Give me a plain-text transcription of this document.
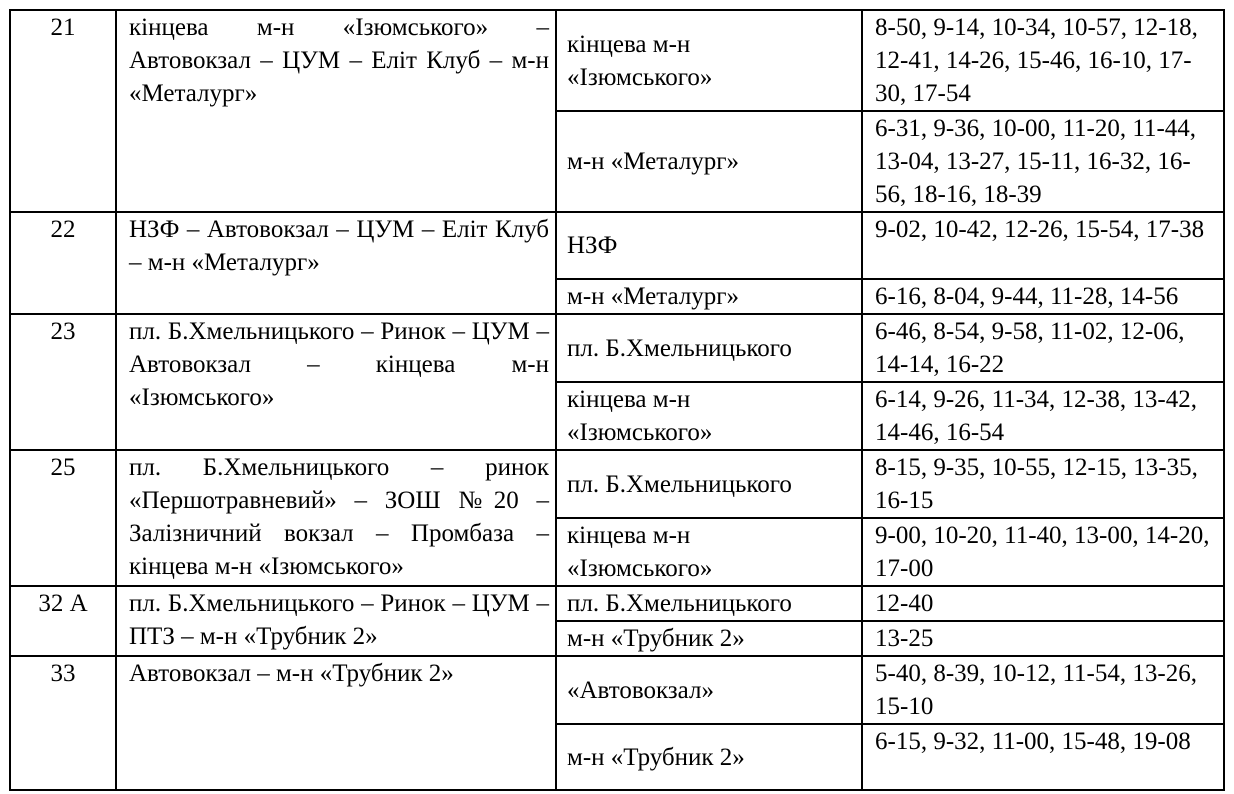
21	кінцева м-н «Ізюмського» – Автовокзал – ЦУМ – Еліт Клуб – м-н «Металург»	кінцева м-н «Ізюмського»	8-50, 9-14, 10-34, 10-57, 12-18, 12-41, 14-26, 15-46, 16-10, 17-30, 17-54
		м-н «Металург»	6-31, 9-36, 10-00, 11-20, 11-44, 13-04, 13-27, 15-11, 16-32, 16-56, 18-16, 18-39
22	НЗФ – Автовокзал – ЦУМ – Еліт Клуб – м-н «Металург»	НЗФ	9-02, 10-42, 12-26, 15-54, 17-38
		м-н «Металург»	6-16, 8-04, 9-44, 11-28, 14-56
23	пл. Б.Хмельницького – Ринок – ЦУМ – Автовокзал – кінцева м-н «Ізюмського»	пл. Б.Хмельницького	6-46, 8-54, 9-58, 11-02, 12-06, 14-14, 16-22

		кінцева м-н «Ізюмського»	6-14, 9-26, 11-34, 12-38, 13-42, 14-46, 16-54
25	пл. Б.Хмельницького – ринок «Першотравневий» – ЗОШ №20 – Залізничний вокзал – Промбаза – кінцева м-н «Ізюмського»	пл. Б.Хмельницького	8-15, 9-35, 10-55, 12-15, 13-35, 16-15

		кінцева м-н «Ізюмського»	9-00, 10-20, 11-40, 13-00, 14-20, 17-00
32 А	пл. Б.Хмельницького – Ринок – ЦУМ – ПТЗ – м-н «Трубник 2»	пл. Б.Хмельницького	12-40
		м-н «Трубник 2»	13-25
33	Автовокзал – м-н «Трубник 2»	«Автовокзал»	5-40, 8-39, 10-12, 11-54, 13-26, 15-10
		м-н «Трубник 2»	6-15, 9-32, 11-00, 15-48, 19-08
